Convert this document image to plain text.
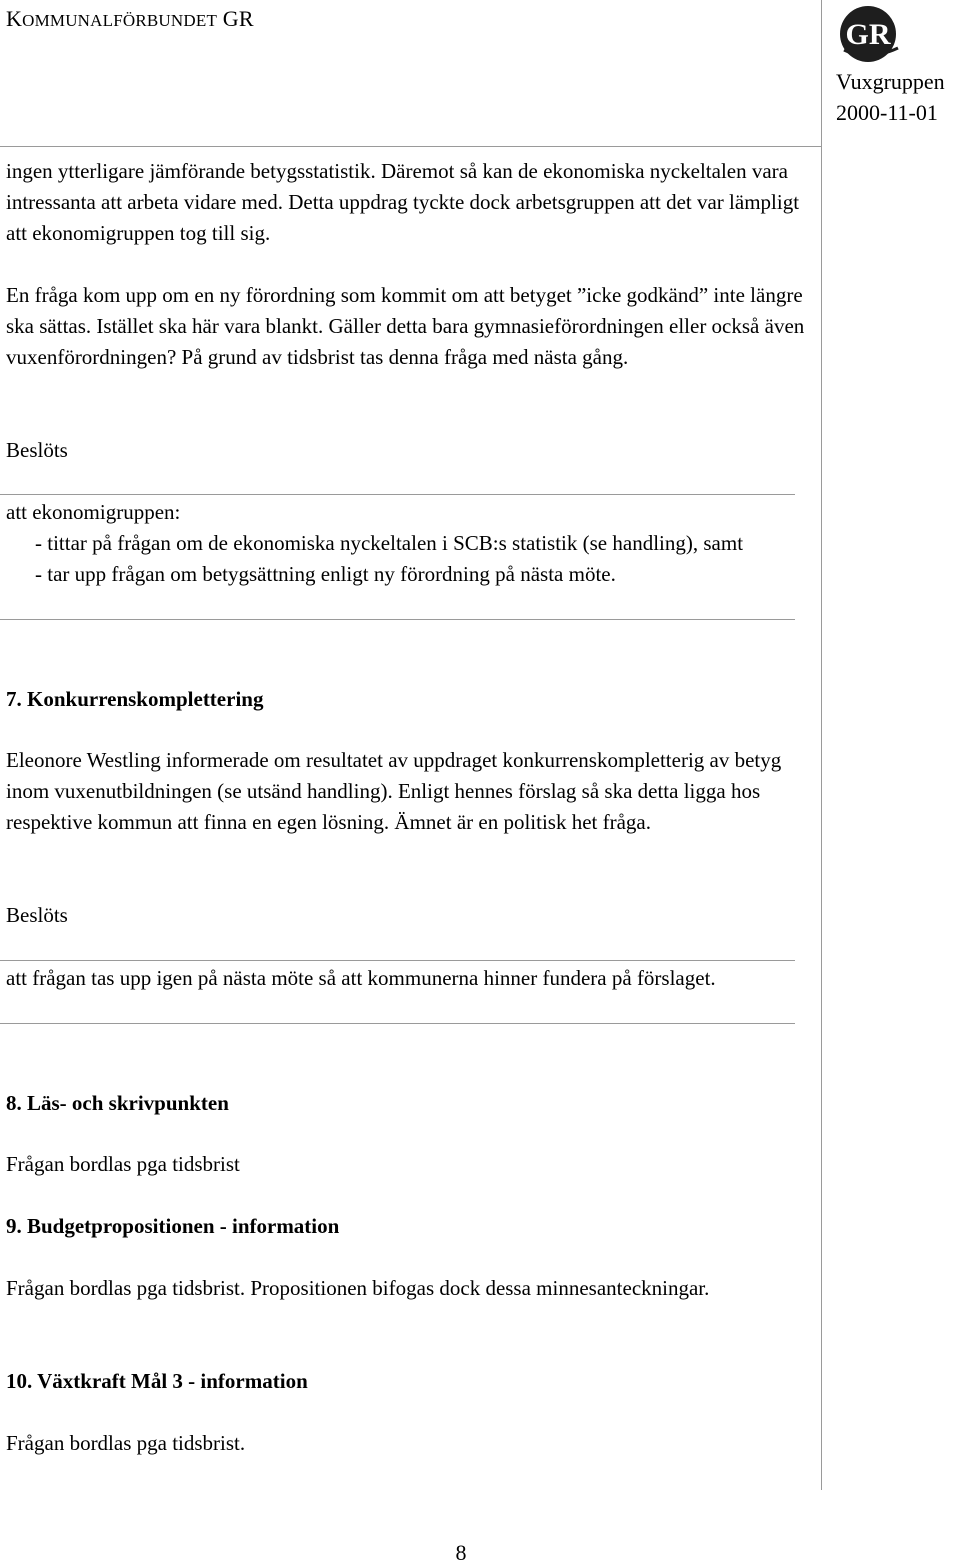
KOMMUNALFÖRBUNDET GR	GR
Vuxgruppen
2000-11-01

ingen ytterligare jämförande betygsstatistik. Däremot så kan de ekonomiska nyckeltalen vara intressanta att arbeta vidare med. Detta uppdrag tyckte dock arbetsgruppen att det var lämpligt att ekonomigruppen tog till sig.

En fråga kom upp om en ny förordning som kommit om att betyget ”icke godkänd” inte längre ska sättas. Istället ska här vara blankt. Gäller detta bara gymnasieförordningen eller också även vuxenförordningen? På grund av tidsbrist tas denna fråga med nästa gång.

Beslöts

att ekonomigruppen:
- tittar på frågan om de ekonomiska nyckeltalen i SCB:s statistik (se handling), samt
- tar upp frågan om betygsättning enligt ny förordning på nästa möte.

7. Konkurrenskomplettering

Eleonore Westling informerade om resultatet av uppdraget konkurrenskompletterig av betyg inom vuxenutbildningen (se utsänd handling). Enligt hennes förslag så ska detta ligga hos respektive kommun att finna en egen lösning. Ämnet är en politisk het fråga.

Beslöts

att frågan tas upp igen på nästa möte så att kommunerna hinner fundera på förslaget.

8. Läs- och skrivpunkten

Frågan bordlas pga tidsbrist

9. Budgetpropositionen - information

Frågan bordlas pga tidsbrist. Propositionen bifogas dock dessa minnesanteckningar.

10. Växtkraft Mål 3 - information

Frågan bordlas pga tidsbrist.

8
